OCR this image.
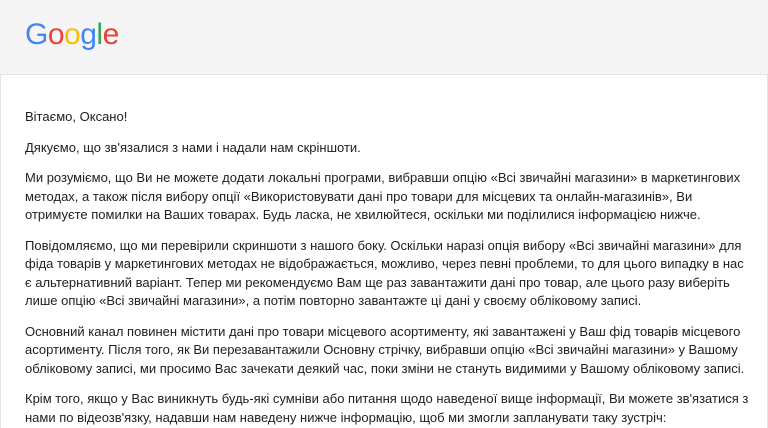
Google

Вітаємо, Оксано!

Дякуємо, що зв'язалися з нами і надали нам скріншоти.

Ми розуміємо, що Ви не можете додати локальні програми, вибравши опцію «Всі звичайні магазини» в маркетингових методах, а також після вибору опції «Використовувати дані про товари для місцевих та онлайн-магазинів», Ви отримуєте помилки на Ваших товарах. Будь ласка, не хвилюйтеся, оскільки ми поділилися інформацією нижче.

Повідомляємо, що ми перевірили скриншоти з нашого боку. Оскільки наразі опція вибору «Всі звичайні магазини» для фіда товарів у маркетингових методах не відображається, можливо, через певні проблеми, то для цього випадку в нас є альтернативний варіант. Тепер ми рекомендуємо Вам ще раз завантажити дані про товар, але цього разу виберіть лише опцію «Всі звичайні магазини», а потім повторно завантажте ці дані у своєму обліковому записі.

Основний канал повинен містити дані про товари місцевого асортименту, які завантажені у Ваш фід товарів місцевого асортименту. Після того, як Ви перезавантажили Основну стрічку, вибравши опцію «Всі звичайні магазини» у Вашому обліковому записі, ми просимо Вас зачекати деякий час, поки зміни не стануть видимими у Вашому обліковому записі.

Крім того, якщо у Вас виникнуть будь-які сумніви або питання щодо наведеної вище інформації, Ви можете зв'язатися з нами по відеозв'язку, надавши нам наведену нижче інформацію, щоб ми змогли запланувати таку зустріч:
